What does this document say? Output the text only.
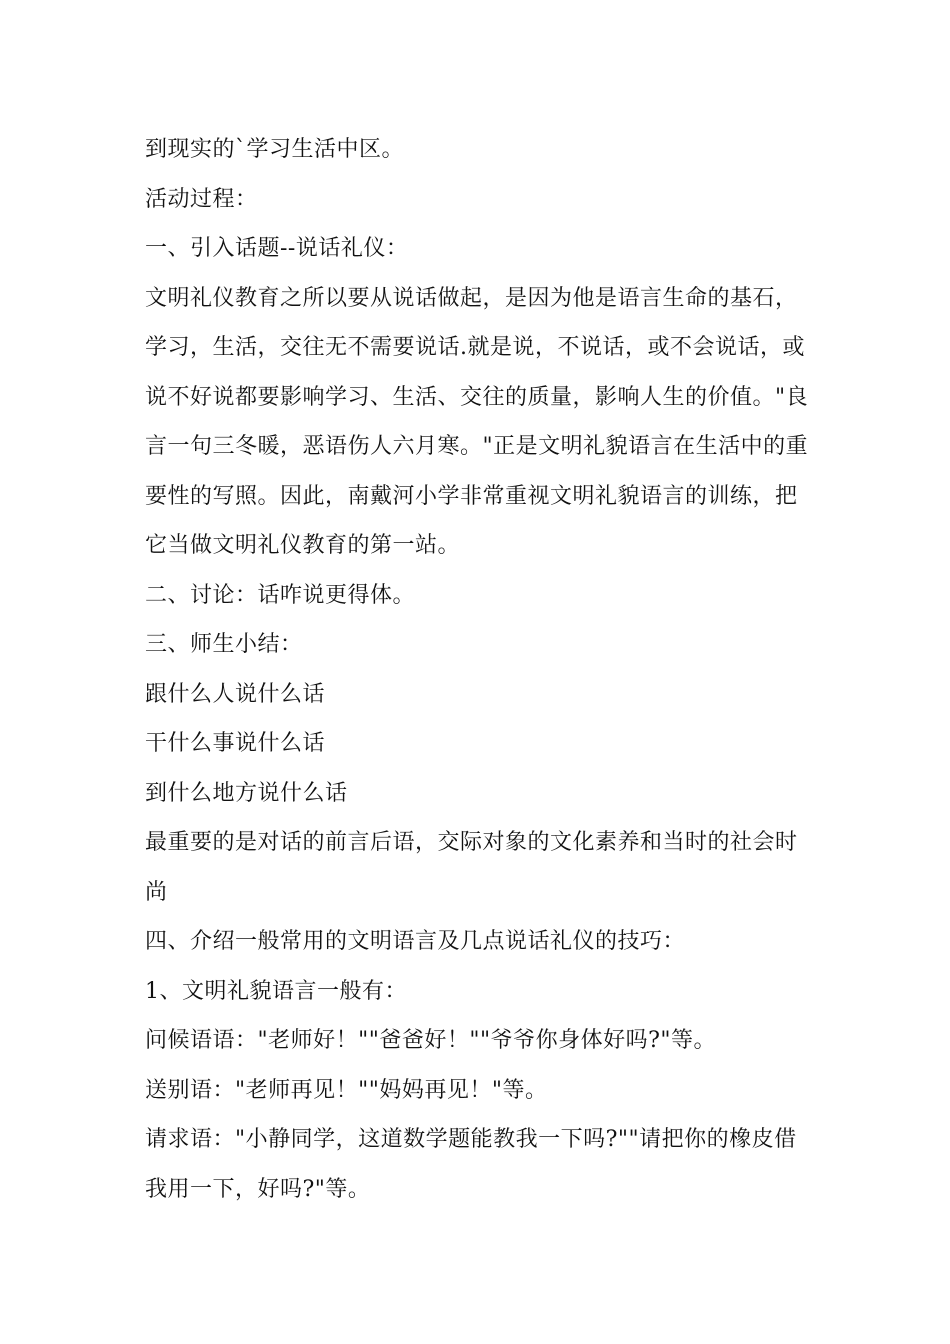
到现实的`学习生活中区。
活动过程：
一、引入话题--说话礼仪：
文明礼仪教育之所以要从说话做起，是因为他是语言生命的基石，
学习，生活，交往无不需要说话.就是说，不说话，或不会说话，或
说不好说都要影响学习、生活、交往的质量，影响人生的价值。"良
言一句三冬暖，恶语伤人六月寒。"正是文明礼貌语言在生活中的重
要性的写照。因此，南戴河小学非常重视文明礼貌语言的训练，把
它当做文明礼仪教育的第一站。
二、讨论：话咋说更得体。
三、师生小结：
跟什么人说什么话
干什么事说什么话
到什么地方说什么话
最重要的是对话的前言后语，交际对象的文化素养和当时的社会时
尚
四、介绍一般常用的文明语言及几点说话礼仪的技巧：
1、文明礼貌语言一般有：
问候语语："老师好！""爸爸好！""爷爷你身体好吗?"等。
送别语："老师再见！""妈妈再见！"等。
请求语："小静同学，这道数学题能教我一下吗?""请把你的橡皮借
我用一下，好吗?"等。
